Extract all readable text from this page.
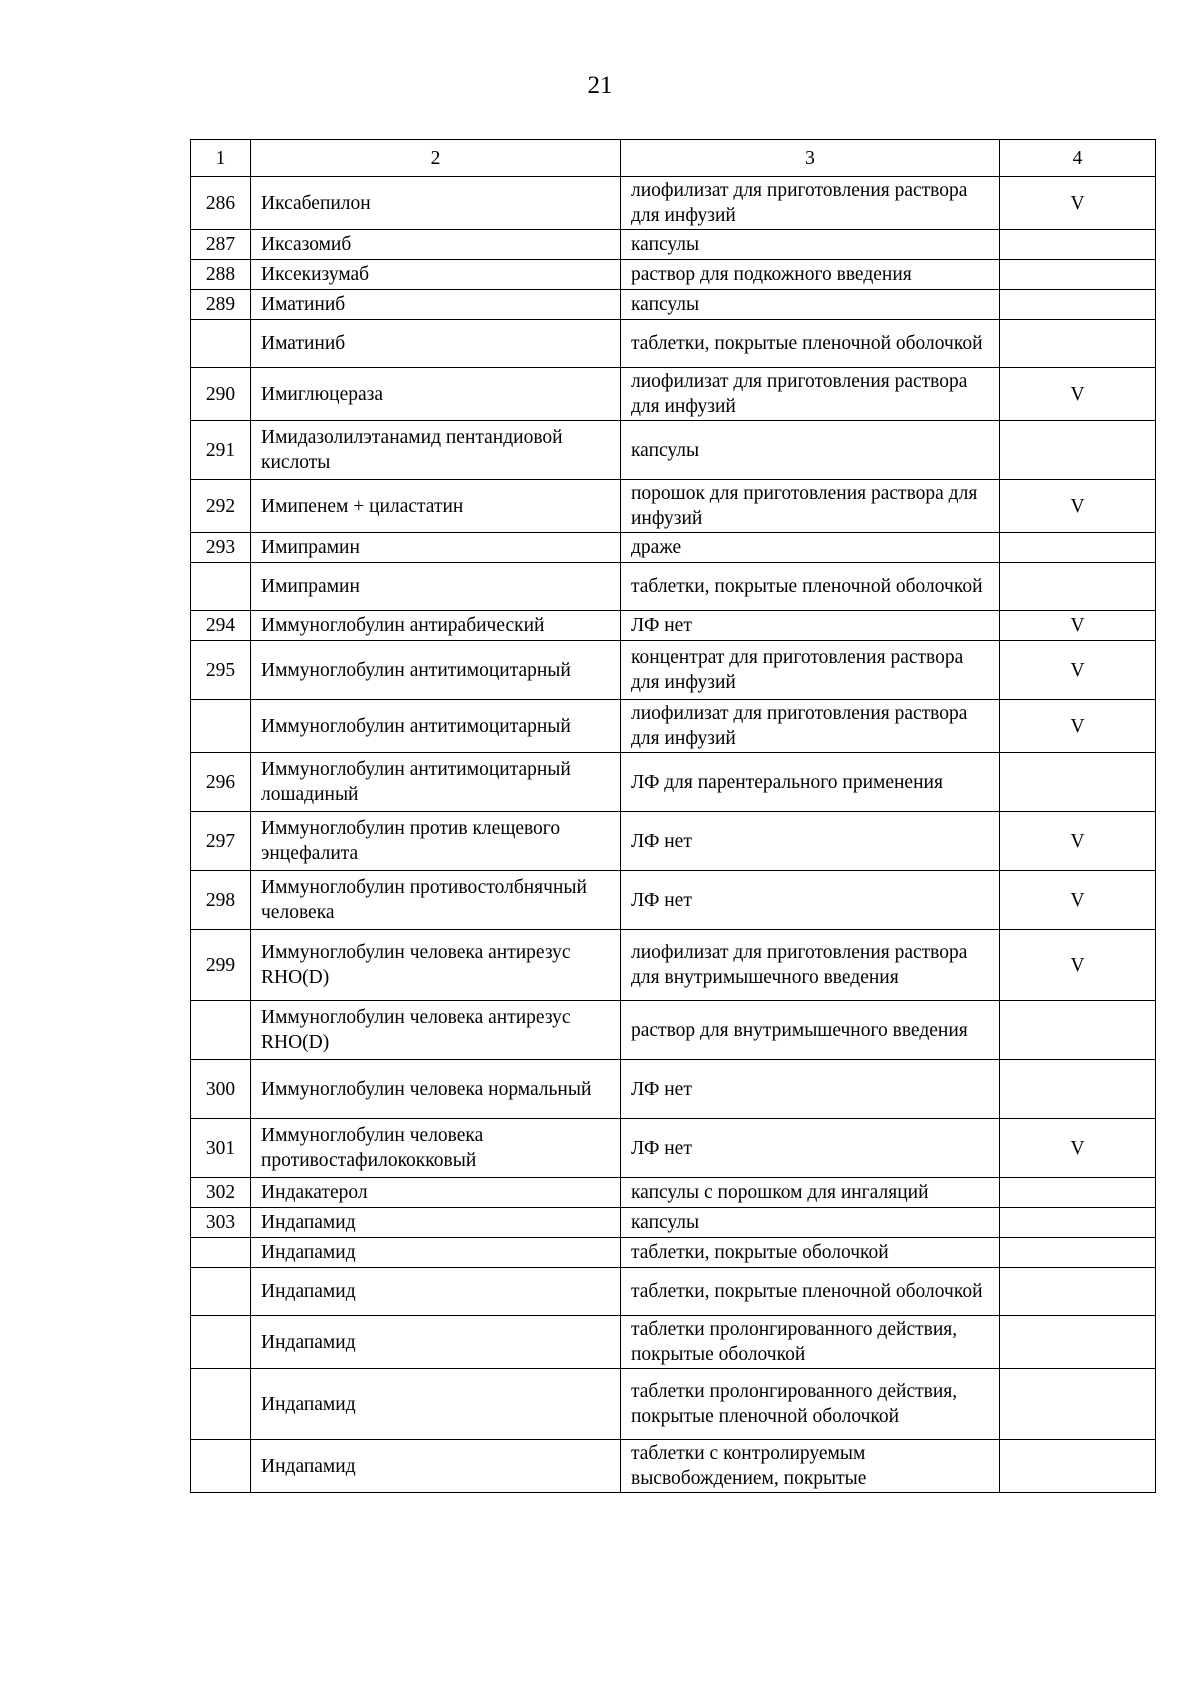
21
1	2	3	4
286	Иксабепилон	лиофилизат для приготовления раствора для инфузий	V
287	Иксазомиб	капсулы	
288	Иксекизумаб	раствор для подкожного введения	
289	Иматиниб	капсулы	
	Иматиниб	таблетки, покрытые пленочной оболочкой	
290	Имиглюцераза	лиофилизат для приготовления раствора для инфузий	V
291	Имидазолилэтанамид пентандиовой кислоты	капсулы	
292	Имипенем + циластатин	порошок для приготовления раствора для инфузий	V
293	Имипрамин	драже	
	Имипрамин	таблетки, покрытые пленочной оболочкой	
294	Иммуноглобулин антирабический	ЛФ нет	V
295	Иммуноглобулин антитимоцитарный	концентрат для приготовления раствора для инфузий	V
	Иммуноглобулин антитимоцитарный	лиофилизат для приготовления раствора для инфузий	V
296	Иммуноглобулин антитимоцитарный лошадиный	ЛФ для парентерального применения	
297	Иммуноглобулин против клещевого энцефалита	ЛФ нет	V
298	Иммуноглобулин противостолбнячный человека	ЛФ нет	V
299	Иммуноглобулин человека антирезус RHO(D)	лиофилизат для приготовления раствора для внутримышечного введения	V
	Иммуноглобулин человека антирезус RHO(D)	раствор для внутримышечного введения	
300	Иммуноглобулин человека нормальный	ЛФ нет	
301	Иммуноглобулин человека противостафилококковый	ЛФ нет	V
302	Индакатерол	капсулы с порошком для ингаляций	
303	Индапамид	капсулы	
	Индапамид	таблетки, покрытые оболочкой	
	Индапамид	таблетки, покрытые пленочной оболочкой	
	Индапамид	таблетки пролонгированного действия, покрытые оболочкой	
	Индапамид	таблетки пролонгированного действия, покрытые пленочной оболочкой	
	Индапамид	таблетки с контролируемым высвобождением, покрытые	
